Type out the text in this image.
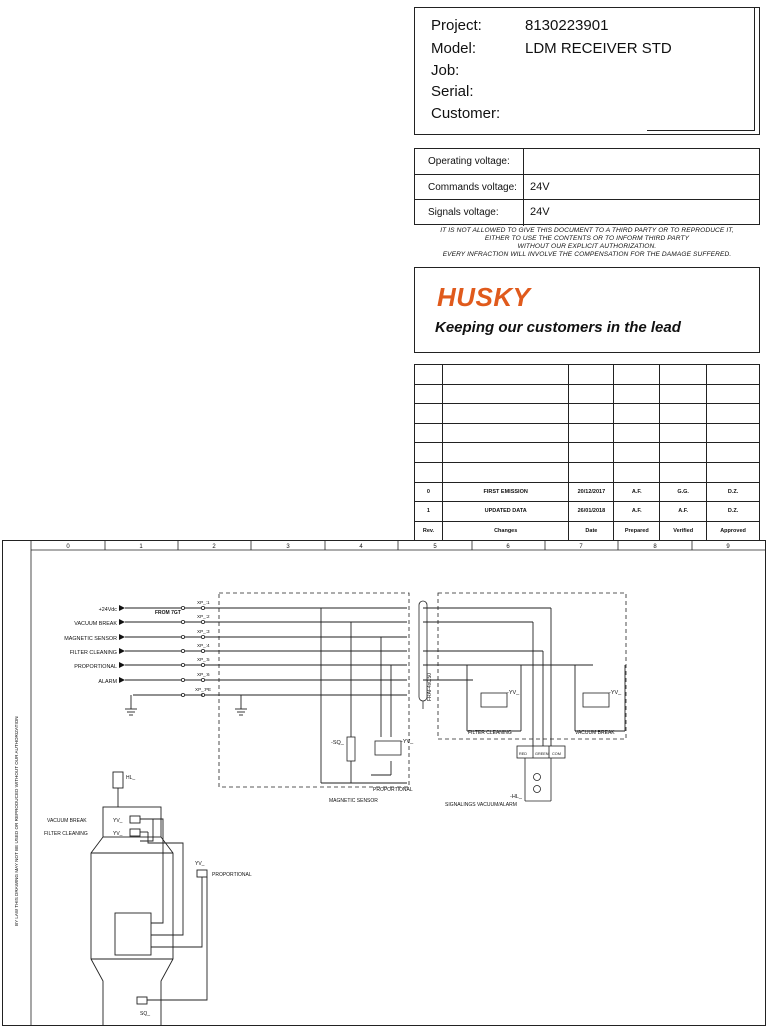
Project:	8130223901
Model:	LDM RECEIVER STD
Job:
Serial:
Customer:
Operating voltage:
Commands voltage: 24V
Signals voltage:	24V
IT IS NOT ALLOWED TO GIVE THIS DOCUMENT TO A THIRD PARTY OR TO REPRODUCE IT,
EITHER TO USE THE CONTENTS OR TO INFORM THIRD PARTY
WITHOUT OUR EXPLICIT AUTHORIZATION.
EVERY INFRACTION WILL INVOLVE THE COMPENSATION FOR THE DAMAGE SUFFERED.
HUSKY
Keeping our customers in the lead

0	FIRST EMISSION	20/12/2017	A.F.	G.G.	D.Z.
1	UPDATED DATA	26/01/2018	A.F.	A.F.	D.Z.
Rev.	Changes	Date	Prepared	Verified	Approved
0	1	2	3	4	5	6	7	8	9
BY LAW THIS DRAWING MAY NOT BE USED OR REPRODUCED WITHOUT OUR AUTHORIZATION
+24Vdc
VACUUM BREAK
MAGNETIC SENSOR
FILTER CLEANING
PROPORTIONAL
ALARM
FROM 7GT
XP_:1
XP_:2
XP_:3
XP_:4
XP_:5
XP_:6
XP_:PE	FRAF4x0.50
-SQ_	-YV_
PROPORTIONAL
MAGNETIC SENSOR
-YV_	-YV_
FILTER CLEANING	VACUUM BREAK
RED GREEN COM
-HL_
SIGNALINGS VACUUM/ALARM
HL_
VACUUM BREAK	YV_
FILTER CLEANING	YV_
YV_
PROPORTIONAL
SQ_
